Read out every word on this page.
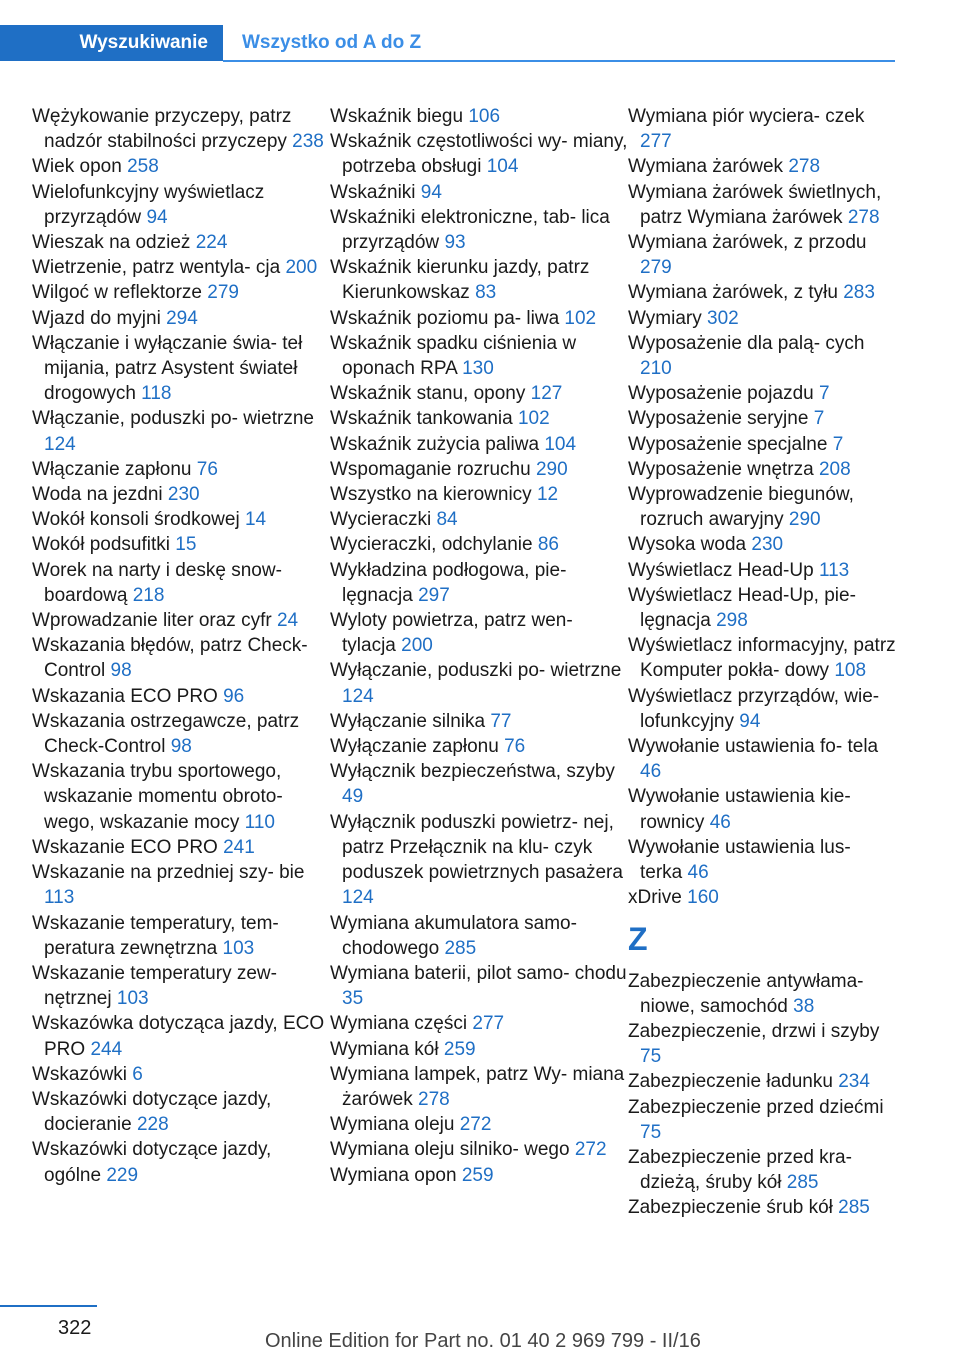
Wyszukiwanie	Wszystko od A do Z
Wężykowanie przyczepy, patrz nadzór stabilności przyczepy 238
Wiek opon 258
Wielofunkcyjny wyświetlacz przyrządów 94
Wieszak na odzież 224
Wietrzenie, patrz wentyla‐ cja 200
Wilgoć w reflektorze 279
Wjazd do myjni 294
Włączanie i wyłączanie świa‐ teł mijania, patrz Asystent świateł drogowych 118
Włączanie, poduszki po‐ wietrzne 124
Włączanie zapłonu 76
Woda na jezdni 230
Wokół konsoli środkowej 14
Wokół podsufitki 15
Worek na narty i deskę snow‐ boardową 218
Wprowadzanie liter oraz cyfr 24
Wskazania błędów, patrz Check-Control 98
Wskazania ECO PRO 96
Wskazania ostrzegawcze, patrz Check-Control 98
Wskazania trybu sportowego, wskazanie momentu obroto‐ wego, wskazanie mocy 110
Wskazanie ECO PRO 241
Wskazanie na przedniej szy‐ bie 113
Wskazanie temperatury, tem‐ peratura zewnętrzna 103
Wskazanie temperatury zew‐ nętrznej 103
Wskazówka dotycząca jazdy, ECO PRO 244
Wskazówki 6
Wskazówki dotyczące jazdy, docieranie 228
Wskazówki dotyczące jazdy, ogólne 229
Wskaźnik biegu 106
Wskaźnik częstotliwości wy‐ miany, potrzeba obsługi 104
Wskaźniki 94
Wskaźniki elektroniczne, tab‐ lica przyrządów 93
Wskaźnik kierunku jazdy, patrz Kierunkowskaz 83
Wskaźnik poziomu pa‐ liwa 102
Wskaźnik spadku ciśnienia w oponach RPA 130
Wskaźnik stanu, opony 127
Wskaźnik tankowania 102
Wskaźnik zużycia paliwa 104
Wspomaganie rozruchu 290
Wszystko na kierownicy 12
Wycieraczki 84
Wycieraczki, odchylanie 86
Wykładzina podłogowa, pie‐ lęgnacja 297
Wyloty powietrza, patrz wen‐ tylacja 200
Wyłączanie, poduszki po‐ wietrzne 124
Wyłączanie silnika 77
Wyłączanie zapłonu 76
Wyłącznik bezpieczeństwa, szyby 49
Wyłącznik poduszki powietrz‐ nej, patrz Przełącznik na klu‐ czyk poduszek powietrznych pasażera 124
Wymiana akumulatora samo‐ chodowego 285
Wymiana baterii, pilot samo‐ chodu 35
Wymiana części 277
Wymiana kół 259
Wymiana lampek, patrz Wy‐ miana żarówek 278
Wymiana oleju 272
Wymiana oleju silniko‐ wego 272
Wymiana opon 259
Wymiana piór wyciera‐ czek 277
Wymiana żarówek 278
Wymiana żarówek świetlnych, patrz Wymiana żarówek 278
Wymiana żarówek, z przodu 279
Wymiana żarówek, z tyłu 283
Wymiary 302
Wyposażenie dla palą‐ cych 210
Wyposażenie pojazdu 7
Wyposażenie seryjne 7
Wyposażenie specjalne 7
Wyposażenie wnętrza 208
Wyprowadzenie biegunów, rozruch awaryjny 290
Wysoka woda 230
Wyświetlacz Head-Up 113
Wyświetlacz Head-Up, pie‐ lęgnacja 298
Wyświetlacz informacyjny, patrz Komputer pokła‐ dowy 108
Wyświetlacz przyrządów, wie‐ lofunkcyjny 94
Wywołanie ustawienia fo‐ tela 46
Wywołanie ustawienia kie‐ rownicy 46
Wywołanie ustawienia lus‐ terka 46
xDrive 160
Z
Zabezpieczenie antywłama‐ niowe, samochód 38
Zabezpieczenie, drzwi i szyby 75
Zabezpieczenie ładunku 234
Zabezpieczenie przed dziećmi 75
Zabezpieczenie przed kra‐ dzieżą, śruby kół 285
Zabezpieczenie śrub kół 285
322
Online Edition for Part no. 01 40 2 969 799 - II/16
